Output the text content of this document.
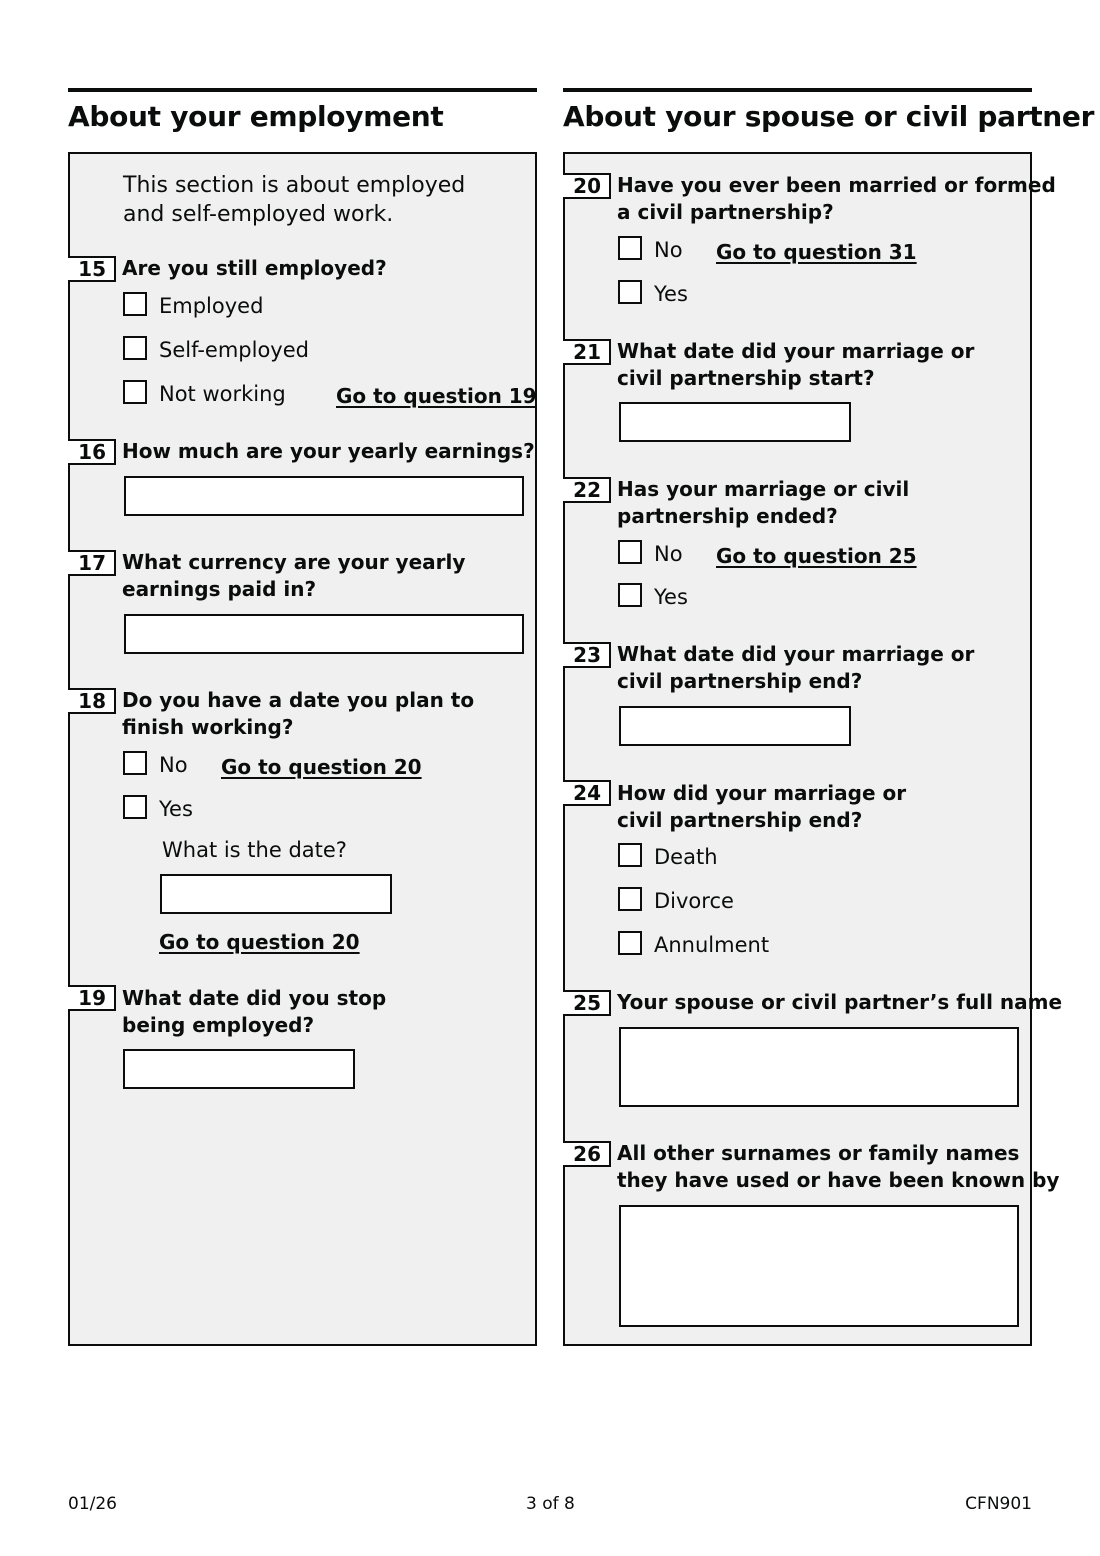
About your employment
This section is about employed
and self-employed work.
15 Are you still employed?
Employed
Self-employed
Not working	Go to question 19
16 How much are your yearly earnings?
17 What currency are your yearly
earnings paid in?
18 Do you have a date you plan to
finish working?
No Go to question 20
Yes
What is the date?
Go to question 20
19 What date did you stop
being employed?
About your spouse or civil partner
20 Have you ever been married or formed
a civil partnership?
No Go to question 31
Yes
21 What date did your marriage or
civil partnership start?
22 Has your marriage or civil
partnership ended?
No Go to question 25
Yes
23 What date did your marriage or
civil partnership end?
24 How did your marriage or
civil partnership end?
Death
Divorce
Annulment
25 Your spouse or civil partner’s full name
26 All other surnames or family names
they have used or have been known by
01/26	3 of 8	CFN901
